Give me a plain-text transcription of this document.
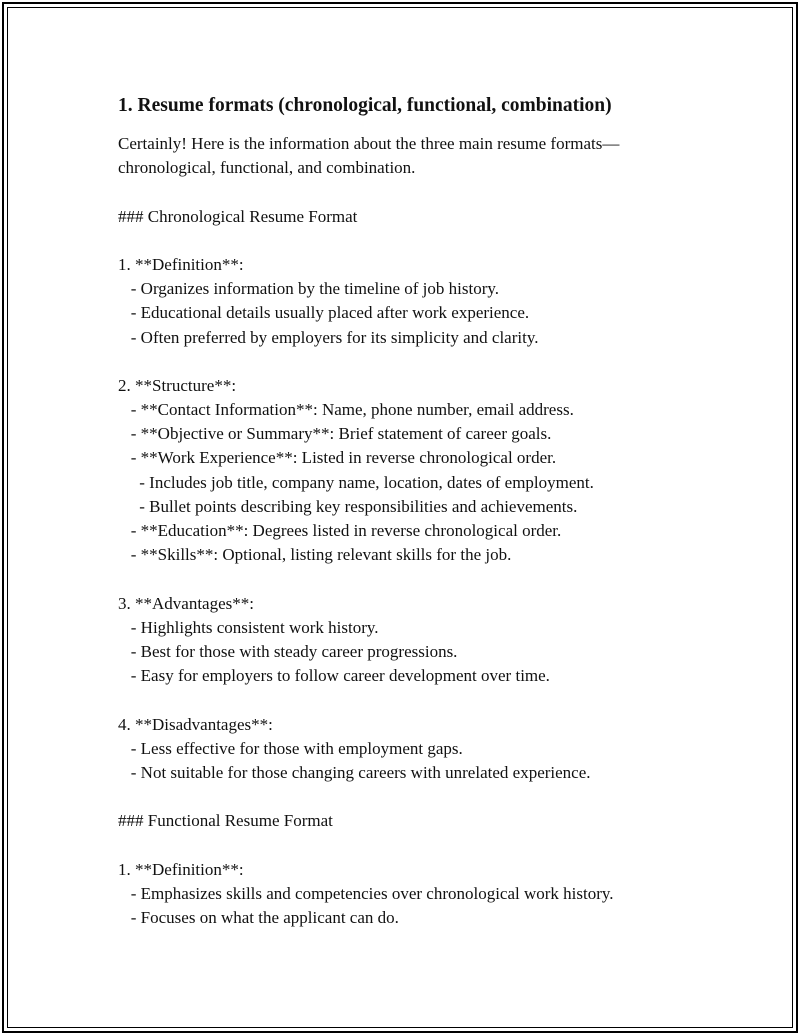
1. Resume formats (chronological, functional, combination)
Certainly! Here is the information about the three main resume formats—
chronological, functional, and combination.
### Chronological Resume Format
1. **Definition**:
- Organizes information by the timeline of job history.
- Educational details usually placed after work experience.
- Often preferred by employers for its simplicity and clarity.
2. **Structure**:
- **Contact Information**: Name, phone number, email address.
- **Objective or Summary**: Brief statement of career goals.
- **Work Experience**: Listed in reverse chronological order.
- Includes job title, company name, location, dates of employment.
- Bullet points describing key responsibilities and achievements.
- **Education**: Degrees listed in reverse chronological order.
- **Skills**: Optional, listing relevant skills for the job.
3. **Advantages**:
- Highlights consistent work history.
- Best for those with steady career progressions.
- Easy for employers to follow career development over time.
4. **Disadvantages**:
- Less effective for those with employment gaps.
- Not suitable for those changing careers with unrelated experience.
### Functional Resume Format
1. **Definition**:
- Emphasizes skills and competencies over chronological work history.
- Focuses on what the applicant can do.
